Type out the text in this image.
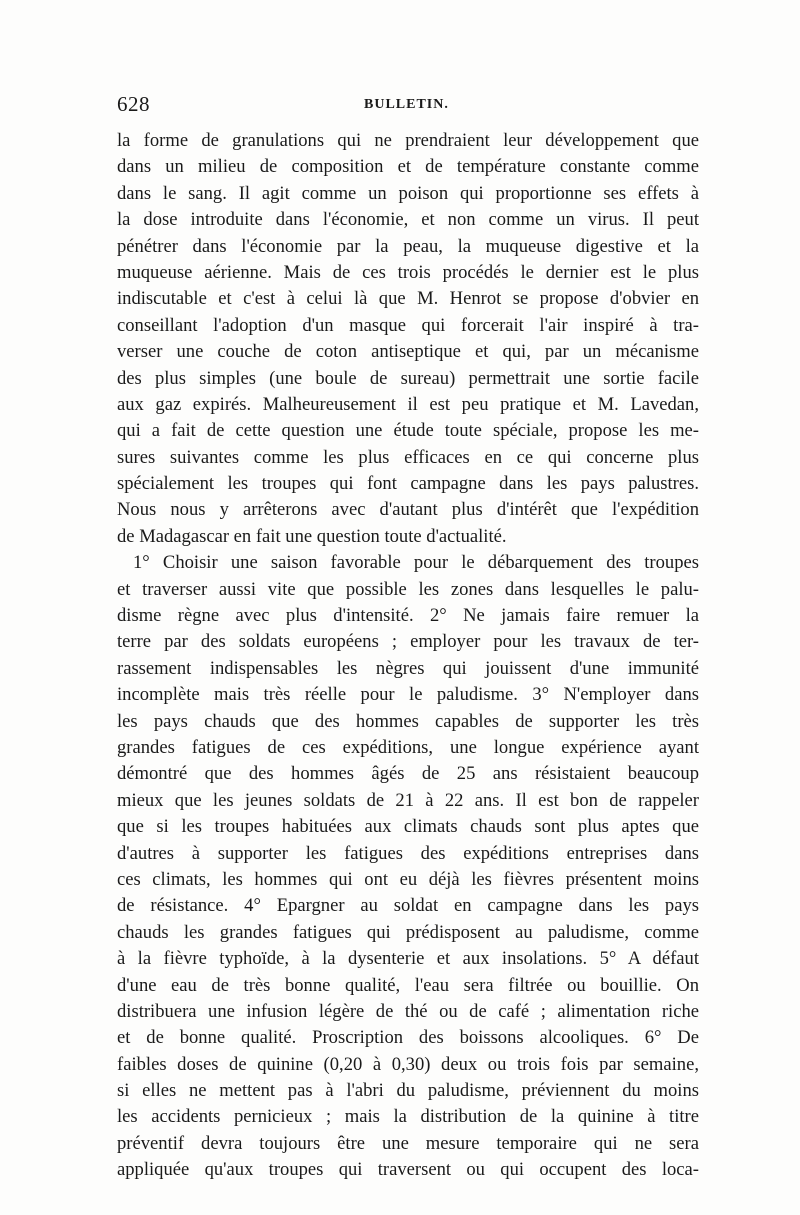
628	BULLETIN.
la forme de granulations qui ne prendraient leur développement que
dans un milieu de composition et de température constante comme
dans le sang. Il agit comme un poison qui proportionne ses effets à
la dose introduite dans l'économie, et non comme un virus. Il peut
pénétrer dans l'économie par la peau, la muqueuse digestive et la
muqueuse aérienne. Mais de ces trois procédés le dernier est le plus
indiscutable et c'est à celui là que M. Henrot se propose d'obvier en
conseillant l'adoption d'un masque qui forcerait l'air inspiré à tra-
verser une couche de coton antiseptique et qui, par un mécanisme
des plus simples (une boule de sureau) permettrait une sortie facile
aux gaz expirés. Malheureusement il est peu pratique et M. Lavedan,
qui a fait de cette question une étude toute spéciale, propose les me-
sures suivantes comme les plus efficaces en ce qui concerne plus
spécialement les troupes qui font campagne dans les pays palustres.
Nous nous y arrêterons avec d'autant plus d'intérêt que l'expédition
de Madagascar en fait une question toute d'actualité.
1° Choisir une saison favorable pour le débarquement des troupes
et traverser aussi vite que possible les zones dans lesquelles le palu-
disme règne avec plus d'intensité. 2° Ne jamais faire remuer la
terre par des soldats européens ; employer pour les travaux de ter-
rassement indispensables les nègres qui jouissent d'une immunité
incomplète mais très réelle pour le paludisme. 3° N'employer dans
les pays chauds que des hommes capables de supporter les très
grandes fatigues de ces expéditions, une longue expérience ayant
démontré que des hommes âgés de 25 ans résistaient beaucoup
mieux que les jeunes soldats de 21 à 22 ans. Il est bon de rappeler
que si les troupes habituées aux climats chauds sont plus aptes que
d'autres à supporter les fatigues des expéditions entreprises dans
ces climats, les hommes qui ont eu déjà les fièvres présentent moins
de résistance. 4° Epargner au soldat en campagne dans les pays
chauds les grandes fatigues qui prédisposent au paludisme, comme
à la fièvre typhoïde, à la dysenterie et aux insolations. 5° A défaut
d'une eau de très bonne qualité, l'eau sera filtrée ou bouillie. On
distribuera une infusion légère de thé ou de café ; alimentation riche
et de bonne qualité. Proscription des boissons alcooliques. 6° De
faibles doses de quinine (0,20 à 0,30) deux ou trois fois par semaine,
si elles ne mettent pas à l'abri du paludisme, préviennent du moins
les accidents pernicieux ; mais la distribution de la quinine à titre
préventif devra toujours être une mesure temporaire qui ne sera
appliquée qu'aux troupes qui traversent ou qui occupent des loca-
